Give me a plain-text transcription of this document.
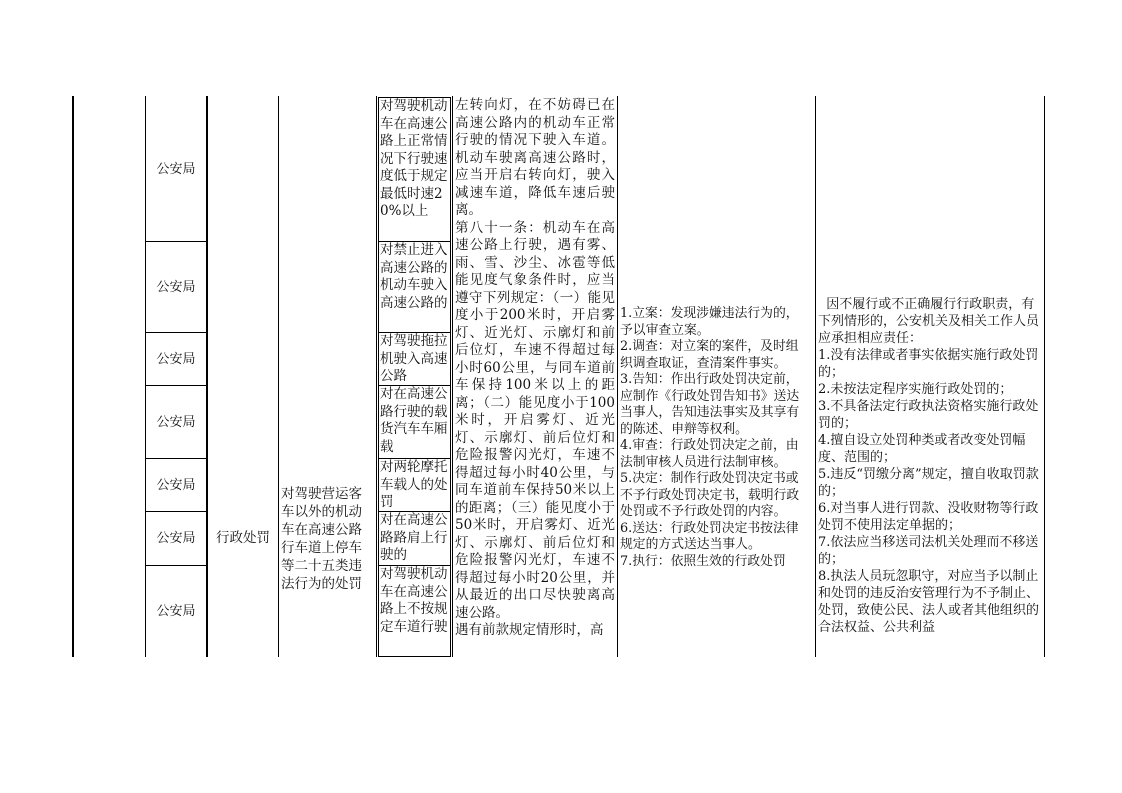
公安局
公安局
公安局
公安局
公安局
公安局
公安局
行政处罚
对驾驶营运客车以外的机动车在高速公路行车道上停车等二十五类违法行为的处罚
对驾驶机动车在高速公路上正常情况下行驶速度低于规定最低时速20%以上
对禁止进入高速公路的机动车驶入高速公路的
对驾驶拖拉机驶入高速公路
对在高速公路行驶的载货汽车车厢载
对两轮摩托车载人的处罚
对在高速公路路肩上行驶的
对驾驶机动车在高速公路上不按规定车道行驶
左转向灯，在不妨碍已在高速公路内的机动车正常行驶的情况下驶入车道。机动车驶离高速公路时，应当开启右转向灯，驶入减速车道，降低车速后驶离。
第八十一条：机动车在高速公路上行驶，遇有雾、雨、雪、沙尘、冰雹等低能见度气象条件时，应当遵守下列规定：（一）能见度小于200米时，开启雾灯、近光灯、示廓灯和前后位灯，车速不得超过每小时60公里，与同车道前车保持100米以上的距离；（二）能见度小于100米时，开启雾灯、近光灯、示廓灯、前后位灯和危险报警闪光灯，车速不得超过每小时40公里，与同车道前车保持50米以上的距离；（三）能见度小于50米时，开启雾灯、近光灯、示廓灯、前后位灯和危险报警闪光灯，车速不得超过每小时20公里，并从最近的出口尽快驶离高速公路。
遇有前款规定情形时，高

1.立案：发现涉嫌违法行为的，予以审查立案。

2.调查：对立案的案件，及时组织调查取证，查清案件事实。

3.告知：作出行政处罚决定前，应制作《行政处罚告知书》送达当事人，告知违法事实及其享有的陈述、申辩等权利。

4.审查：行政处罚决定之前，由法制审核人员进行法制审核。

5.决定：制作行政处罚决定书或不予行政处罚决定书，载明行政处罚或不予行政处罚的内容。

6.送达：行政处罚决定书按法律规定的方式送达当事人。

7.执行：依照生效的行政处罚

因不履行或不正确履行行政职责，有下列情形的，公安机关及相关工作人员应承担相应责任：

1.没有法律或者事实依据实施行政处罚的；

2.未按法定程序实施行政处罚的；

3.不具备法定行政执法资格实施行政处罚的；

4.擅自设立处罚种类或者改变处罚幅度、范围的；

5.违反“罚缴分离”规定，擅自收取罚款的；

6.对当事人进行罚款、没收财物等行政处罚不使用法定单据的；

7.依法应当移送司法机关处理而不移送的；

8.执法人员玩忽职守，对应当予以制止和处罚的违反治安管理行为不予制止、处罚，致使公民、法人或者其他组织的合法权益、公共利益
